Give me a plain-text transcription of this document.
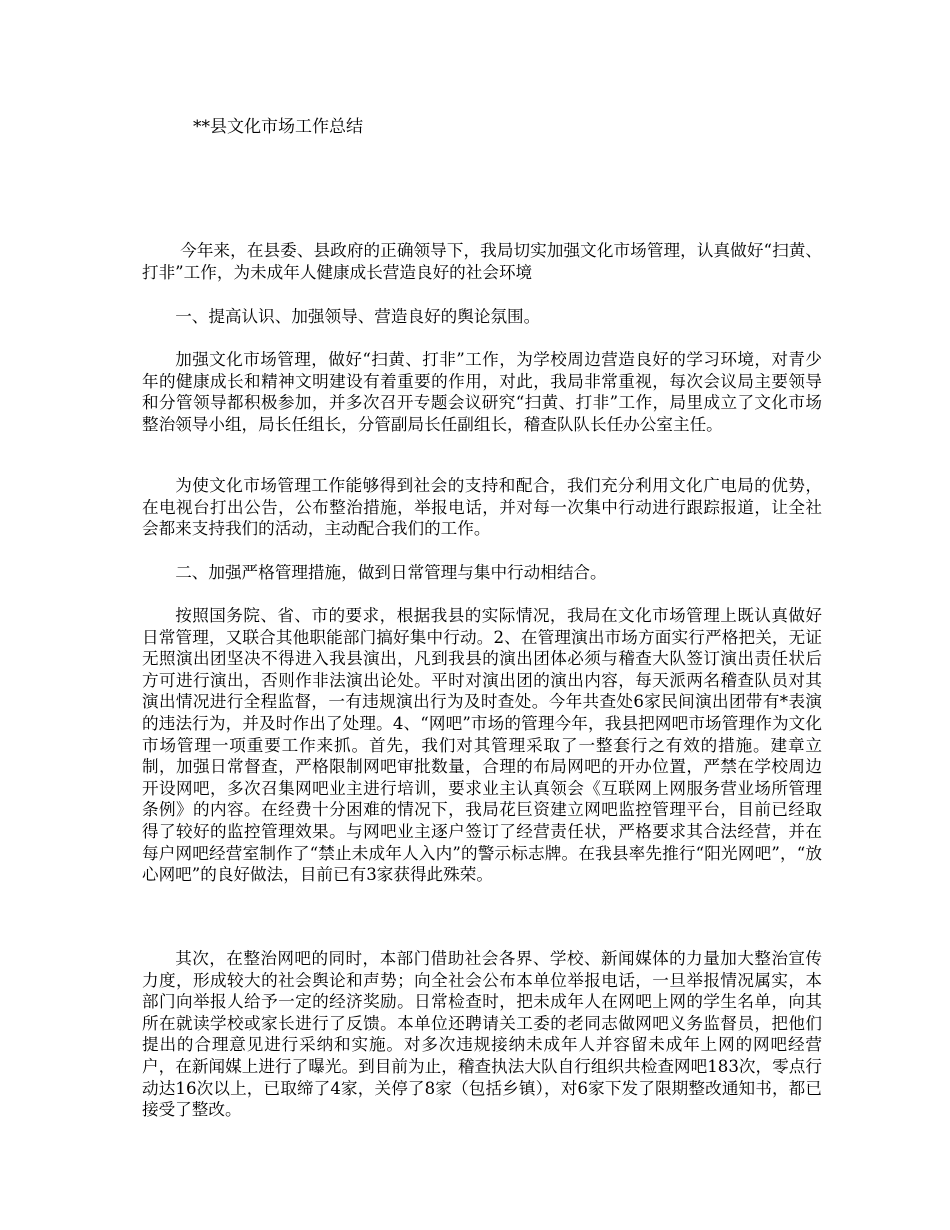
**县文化市场工作总结

今年来，在县委、县政府的正确领导下，我局切实加强文化市场管理，认真做好“扫黄、打非”工作，为未成年人健康成长营造良好的社会环境

一、提高认识、加强领导、营造良好的舆论氛围。

加强文化市场管理，做好“扫黄、打非”工作，为学校周边营造良好的学习环境，对青少年的健康成长和精神文明建设有着重要的作用，对此，我局非常重视，每次会议局主要领导和分管领导都积极参加，并多次召开专题会议研究“扫黄、打非”工作，局里成立了文化市场整治领导小组，局长任组长，分管副局长任副组长，稽查队队长任办公室主任。

为使文化市场管理工作能够得到社会的支持和配合，我们充分利用文化广电局的优势，在电视台打出公告，公布整治措施，举报电话，并对每一次集中行动进行跟踪报道，让全社会都来支持我们的活动，主动配合我们的工作。

二、加强严格管理措施，做到日常管理与集中行动相结合。

按照国务院、省、市的要求，根据我县的实际情况，我局在文化市场管理上既认真做好日常管理，又联合其他职能部门搞好集中行动。2、在管理演出市场方面实行严格把关，无证无照演出团坚决不得进入我县演出，凡到我县的演出团体必须与稽查大队签订演出责任状后方可进行演出，否则作非法演出论处。平时对演出团的演出内容，每天派两名稽查队员对其演出情况进行全程监督，一有违规演出行为及时查处。今年共查处6家民间演出团带有*表演的违法行为，并及时作出了处理。4、“网吧”市场的管理今年，我县把网吧市场管理作为文化市场管理一项重要工作来抓。首先，我们对其管理采取了一整套行之有效的措施。建章立制，加强日常督查，严格限制网吧审批数量，合理的布局网吧的开办位置，严禁在学校周边开设网吧，多次召集网吧业主进行培训，要求业主认真领会《互联网上网服务营业场所管理条例》的内容。在经费十分困难的情况下，我局花巨资建立网吧监控管理平台，目前已经取得了较好的监控管理效果。与网吧业主逐户签订了经营责任状，严格要求其合法经营，并在每户网吧经营室制作了“禁止未成年人入内”的警示标志牌。在我县率先推行“阳光网吧”，“放心网吧”的良好做法，目前已有3家获得此殊荣。

其次，在整治网吧的同时，本部门借助社会各界、学校、新闻媒体的力量加大整治宣传力度，形成较大的社会舆论和声势；向全社会公布本单位举报电话，一旦举报情况属实，本部门向举报人给予一定的经济奖励。日常检查时，把未成年人在网吧上网的学生名单，向其所在就读学校或家长进行了反馈。本单位还聘请关工委的老同志做网吧义务监督员，把他们提出的合理意见进行采纳和实施。对多次违规接纳未成年人并容留未成年上网的网吧经营户，在新闻媒上进行了曝光。到目前为止，稽查执法大队自行组织共检查网吧183次，零点行动达16次以上，已取缔了4家，关停了8家（包括乡镇），对6家下发了限期整改通知书，都已接受了整改。
